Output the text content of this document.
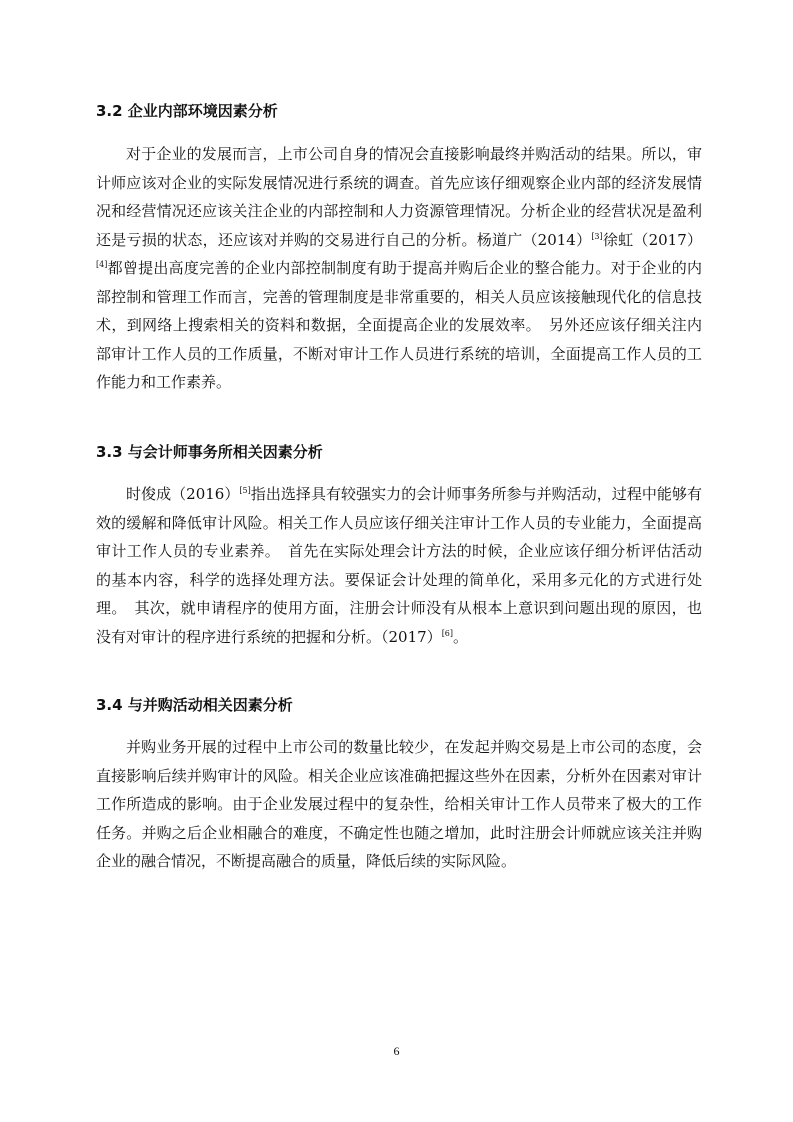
3.2 企业内部环境因素分析

对于企业的发展而言，上市公司自身的情况会直接影响最终并购活动的结果。所以，审计师应该对企业的实际发展情况进行系统的调查。首先应该仔细观察企业内部的经济发展情况和经营情况还应该关注企业的内部控制和人力资源管理情况。分析企业的经营状况是盈利还是亏损的状态，还应该对并购的交易进行自己的分析。杨道广（2014）[3]徐虹（2017）[4]都曾提出高度完善的企业内部控制制度有助于提高并购后企业的整合能力。对于企业的内部控制和管理工作而言，完善的管理制度是非常重要的，相关人员应该接触现代化的信息技术，到网络上搜索相关的资料和数据，全面提高企业的发展效率。　另外还应该仔细关注内部审计工作人员的工作质量，不断对审计工作人员进行系统的培训，全面提高工作人员的工作能力和工作素养。

3.3 与会计师事务所相关因素分析

时俊成（2016）[5]指出选择具有较强实力的会计师事务所参与并购活动，过程中能够有效的缓解和降低审计风险。相关工作人员应该仔细关注审计工作人员的专业能力，全面提高审计工作人员的专业素养。　首先在实际处理会计方法的时候，企业应该仔细分析评估活动的基本内容，科学的选择处理方法。要保证会计处理的简单化，采用多元化的方式进行处理。　其次，就申请程序的使用方面，注册会计师没有从根本上意识到问题出现的原因，也没有对审计的程序进行系统的把握和分析。（2017）[6]。

3.4 与并购活动相关因素分析

并购业务开展的过程中上市公司的数量比较少，在发起并购交易是上市公司的态度，会直接影响后续并购审计的风险。相关企业应该准确把握这些外在因素，分析外在因素对审计工作所造成的影响。由于企业发展过程中的复杂性，给相关审计工作人员带来了极大的工作任务。并购之后企业相融合的难度，不确定性也随之增加，此时注册会计师就应该关注并购企业的融合情况，不断提高融合的质量，降低后续的实际风险。

6
